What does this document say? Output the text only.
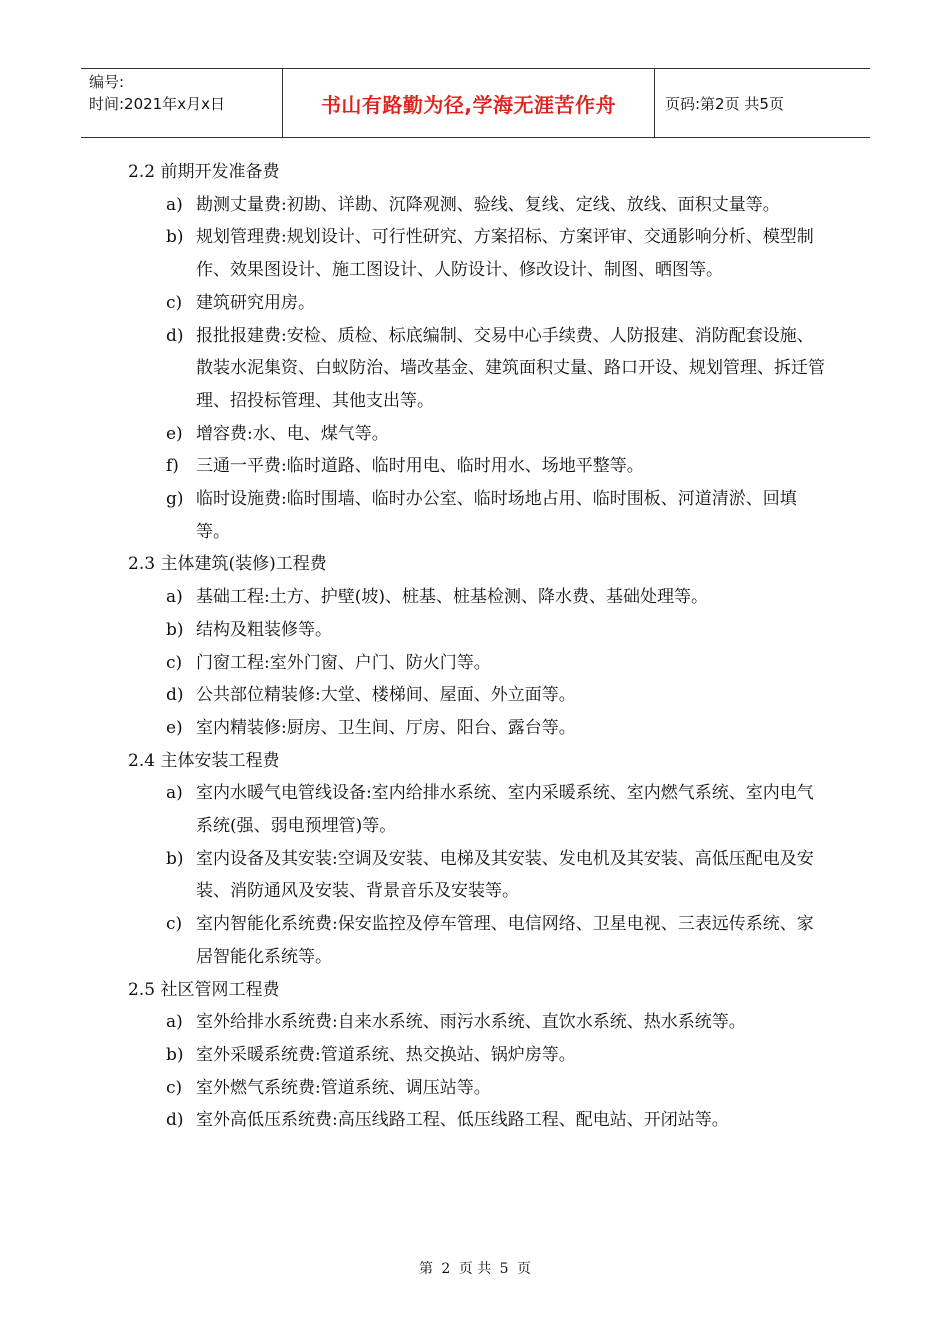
编号:
时间:2021年x月x日	书山有路勤为径,学海无涯苦作舟	页码:第2页 共5页
2.2 前期开发准备费
a) 勘测丈量费:初勘、详勘、沉降观测、验线、复线、定线、放线、面积丈量等。
b) 规划管理费:规划设计、可行性研究、方案招标、方案评审、交通影响分析、模型制作、效果图设计、施工图设计、人防设计、修改设计、制图、晒图等。
c) 建筑研究用房。
d) 报批报建费:安检、质检、标底编制、交易中心手续费、人防报建、消防配套设施、散装水泥集资、白蚁防治、墙改基金、建筑面积丈量、路口开设、规划管理、拆迁管理、招投标管理、其他支出等。
e) 增容费:水、电、煤气等。
f)	三通一平费:临时道路、临时用电、临时用水、场地平整等。
g) 临时设施费:临时围墙、临时办公室、临时场地占用、临时围板、河道清淤、回填等。
2.3 主体建筑(装修)工程费
a) 基础工程:土方、护壁(坡)、桩基、桩基检测、降水费、基础处理等。
b) 结构及粗装修等。
c) 门窗工程:室外门窗、户门、防火门等。
d) 公共部位精装修:大堂、楼梯间、屋面、外立面等。
e) 室内精装修:厨房、卫生间、厅房、阳台、露台等。
2.4 主体安装工程费
a) 室内水暖气电管线设备:室内给排水系统、室内采暖系统、室内燃气系统、室内电气系统(强、弱电预埋管)等。
b) 室内设备及其安装:空调及安装、电梯及其安装、发电机及其安装、高低压配电及安装、消防通风及安装、背景音乐及安装等。
c) 室内智能化系统费:保安监控及停车管理、电信网络、卫星电视、三表远传系统、家居智能化系统等。
2.5 社区管网工程费
a) 室外给排水系统费:自来水系统、雨污水系统、直饮水系统、热水系统等。
b) 室外采暖系统费:管道系统、热交换站、锅炉房等。
c) 室外燃气系统费:管道系统、调压站等。
d) 室外高低压系统费:高压线路工程、低压线路工程、配电站、开闭站等。
第 2 页 共 5 页
